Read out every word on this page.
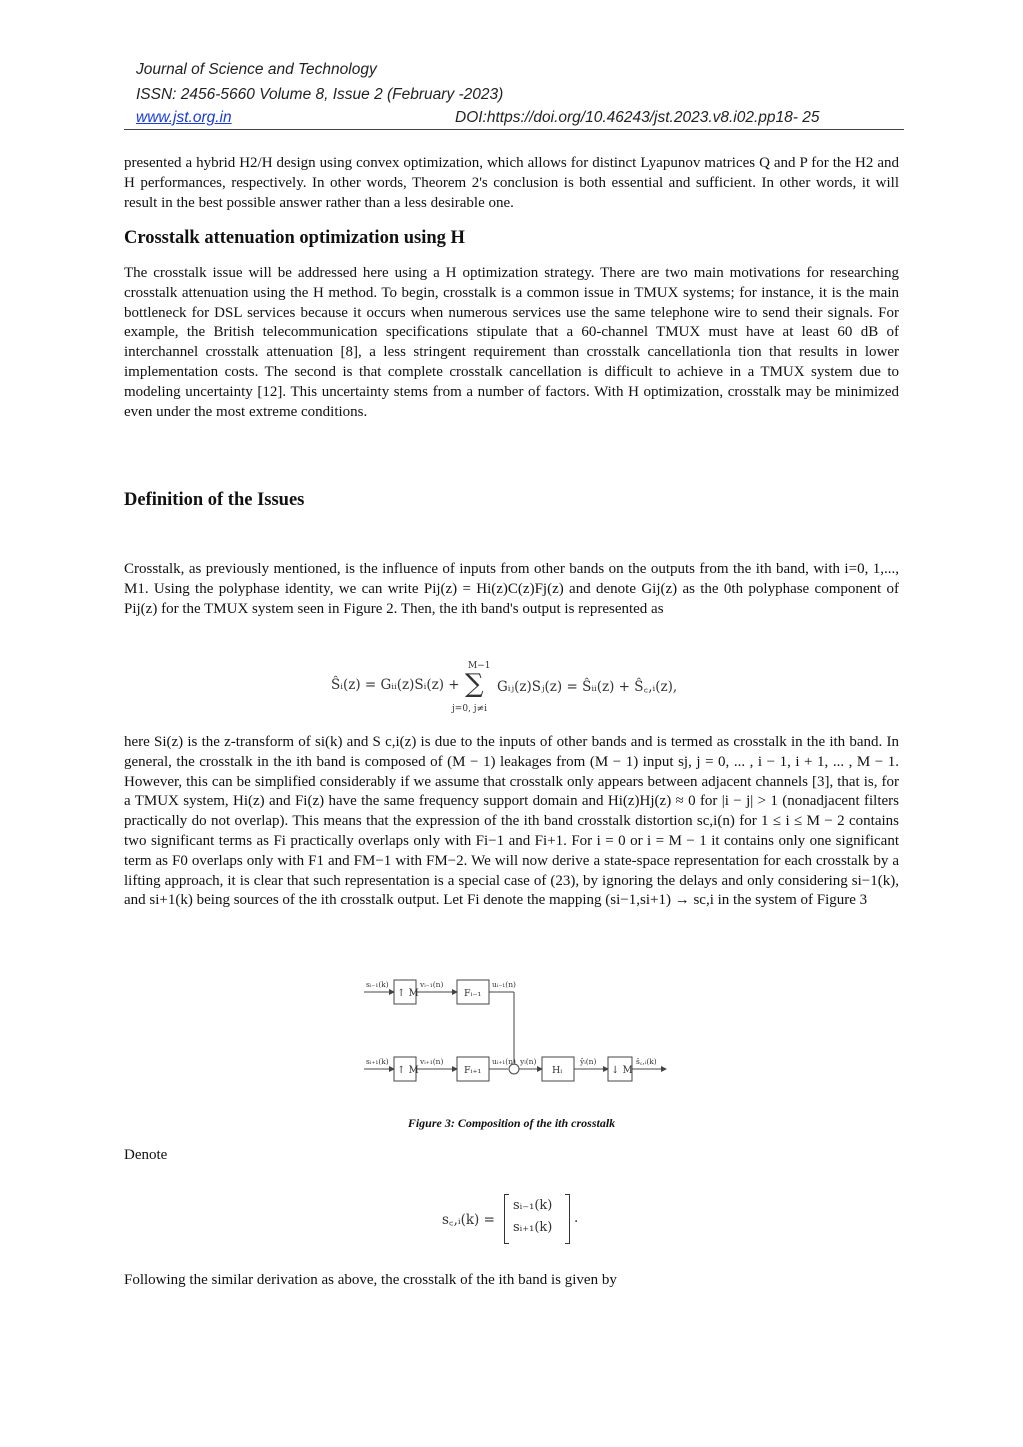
Journal of Science and Technology
ISSN: 2456-5660 Volume 8, Issue 2 (February -2023)
www.jst.org.in	DOI:https://doi.org/10.46243/jst.2023.v8.i02.pp18- 25

presented a hybrid H2/H design using convex optimization, which allows for distinct Lyapunov matrices Q and P for the H2 and H performances, respectively. In other words, Theorem 2's conclusion is both essential and sufficient. In other words, it will result in the best possible answer rather than a less desirable one.

Crosstalk attenuation optimization using H

The crosstalk issue will be addressed here using a H optimization strategy. There are two main motivations for researching crosstalk attenuation using the H method. To begin, crosstalk is a common issue in TMUX systems; for instance, it is the main bottleneck for DSL services because it occurs when numerous services use the same telephone wire to send their signals. For example, the British telecommunication specifications stipulate that a 60-channel TMUX must have at least 60 dB of interchannel crosstalk attenuation [8], a less stringent requirement than crosstalk cancellationla tion that results in lower implementation costs. The second is that complete crosstalk cancellation is difficult to achieve in a TMUX system due to modeling uncertainty [12]. This uncertainty stems from a number of factors. With H optimization, crosstalk may be minimized even under the most extreme conditions.

Definition of the Issues

Crosstalk, as previously mentioned, is the influence of inputs from other bands on the outputs from the ith band, with i=0, 1,..., M1. Using the polyphase identity, we can write Pij(z) = Hi(z)C(z)Fj(z) and denote Gij(z) as the 0th polyphase component of Pij(z) for the TMUX system seen in Figure 2. Then, the ith band's output is represented as

Ŝᵢ(z) = Gᵢᵢ(z)Sᵢ(z) +
M−1
∑
j=0, j≠i
Gᵢⱼ(z)Sⱼ(z) = Ŝᵢᵢ(z) + Ŝ꜀,ᵢ(z),

here Si(z) is the z-transform of si(k) and S c,i(z) is due to the inputs of other bands and is termed as crosstalk in the ith band. In general, the crosstalk in the ith band is composed of (M − 1) leakages from (M − 1) input sj, j = 0, ... , i − 1, i + 1, ... , M − 1. However, this can be simplified considerably if we assume that crosstalk only appears between adjacent channels [3], that is, for a TMUX system, Hi(z) and Fi(z) have the same frequency support domain and Hi(z)Hj(z) ≈ 0 for |i − j| > 1 (nonadjacent filters practically do not overlap). This means that the expression of the ith band crosstalk distortion sc,i(n) for 1 ≤ i ≤ M − 2 contains two significant terms as Fi practically overlaps only with Fi−1 and Fi+1. For i = 0 or i = M − 1 it contains only one significant term as F0 overlaps only with F1 and FM−1 with FM−2. We will now derive a state-space representation for each crosstalk by a lifting approach, it is clear that such representation is a special case of (23), by ignoring the delays and only considering si−1(k), and si+1(k) being sources of the ith crosstalk output. Let Fi denote the mapping (si−1,si+1) → sc,i in the system of Figure 3

sᵢ₋₁(k)
↑ M
vᵢ₋₁(n)
Fᵢ₋₁
uᵢ₋₁(n)
sᵢ₊₁(k)
↑ M
vᵢ₊₁(n)
Fᵢ₊₁
uᵢ₊₁(n) yᵢ(n)
Hᵢ
ŷᵢ(n)
↓ M
ŝ꜀,ᵢ(k)
Figure 3: Composition of the ith crosstalk

Denote

s꜀,ᵢ(k) =
sᵢ₋₁(k)
sᵢ₊₁(k)
.

Following the similar derivation as above, the crosstalk of the ith band is given by
